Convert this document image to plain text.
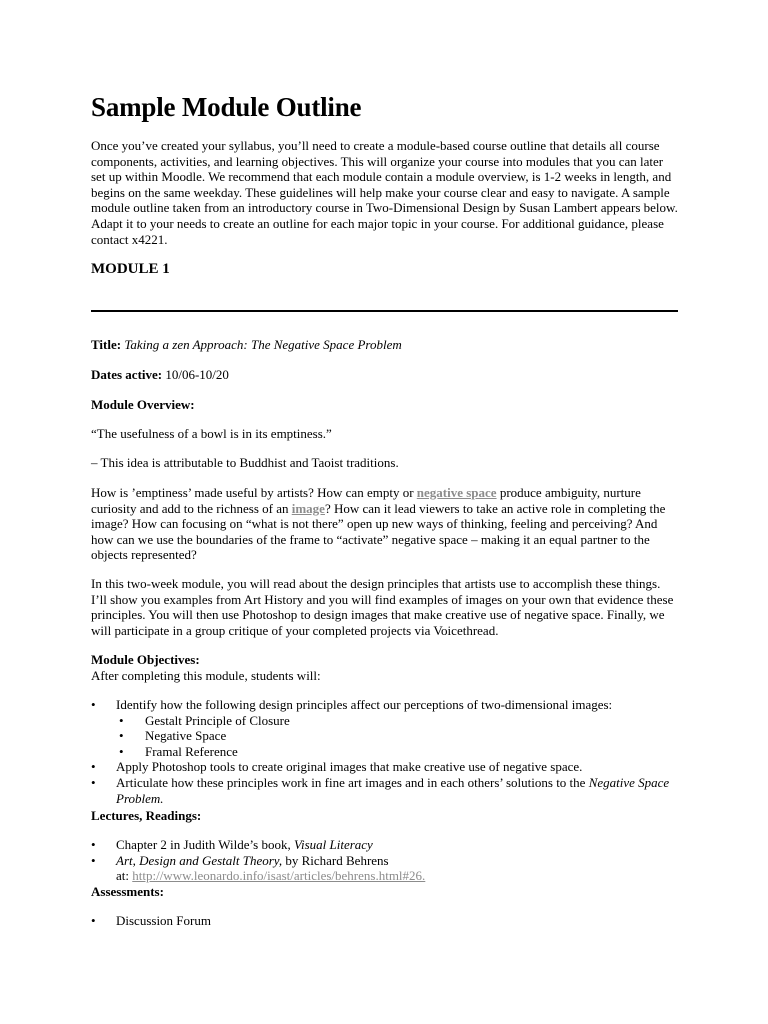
Sample Module Outline

Once you’ve created your syllabus, you’ll need to create a module-based course outline that details all course components, activities, and learning objectives. This will organize your course into modules that you can later set up within Moodle. We recommend that each module contain a module overview, is 1-2 weeks in length, and begins on the same weekday. These guidelines will help make your course clear and easy to navigate. A sample module outline taken from an introductory course in Two-Dimensional Design by Susan Lambert appears below. Adapt it to your needs to create an outline for each major topic in your course. For additional guidance, please contact x4221.

MODULE 1

Title: Taking a zen Approach: The Negative Space Problem

Dates active: 10/06-10/20

Module Overview:

“The usefulness of a bowl is in its emptiness.”

– This idea is attributable to Buddhist and Taoist traditions.

How is ’emptiness’ made useful by artists? How can empty or negative space produce ambiguity, nurture curiosity and add to the richness of an image? How can it lead viewers to take an active role in completing the image? How can focusing on “what is not there” open up new ways of thinking, feeling and perceiving? And how can we use the boundaries of the frame to “activate” negative space – making it an equal partner to the objects represented?

In this two-week module, you will read about the design principles that artists use to accomplish these things. I’ll show you examples from Art History and you will find examples of images on your own that evidence these principles. You will then use Photoshop to design images that make creative use of negative space. Finally, we will participate in a group critique of your completed projects via Voicethread.

Module Objectives:
After completing this module, students will:

• Identify how the following design principles affect our perceptions of two-dimensional images:
• Gestalt Principle of Closure
• Negative Space
• Framal Reference
• Apply Photoshop tools to create original images that make creative use of negative space.
• Articulate how these principles work in fine art images and in each others’ solutions to the Negative Space Problem.

Lectures, Readings:

• Chapter 2 in Judith Wilde’s book, Visual Literacy
• Art, Design and Gestalt Theory, by Richard Behrens
at: http://www.leonardo.info/isast/articles/behrens.html#26.

Assessments:

• Discussion Forum
